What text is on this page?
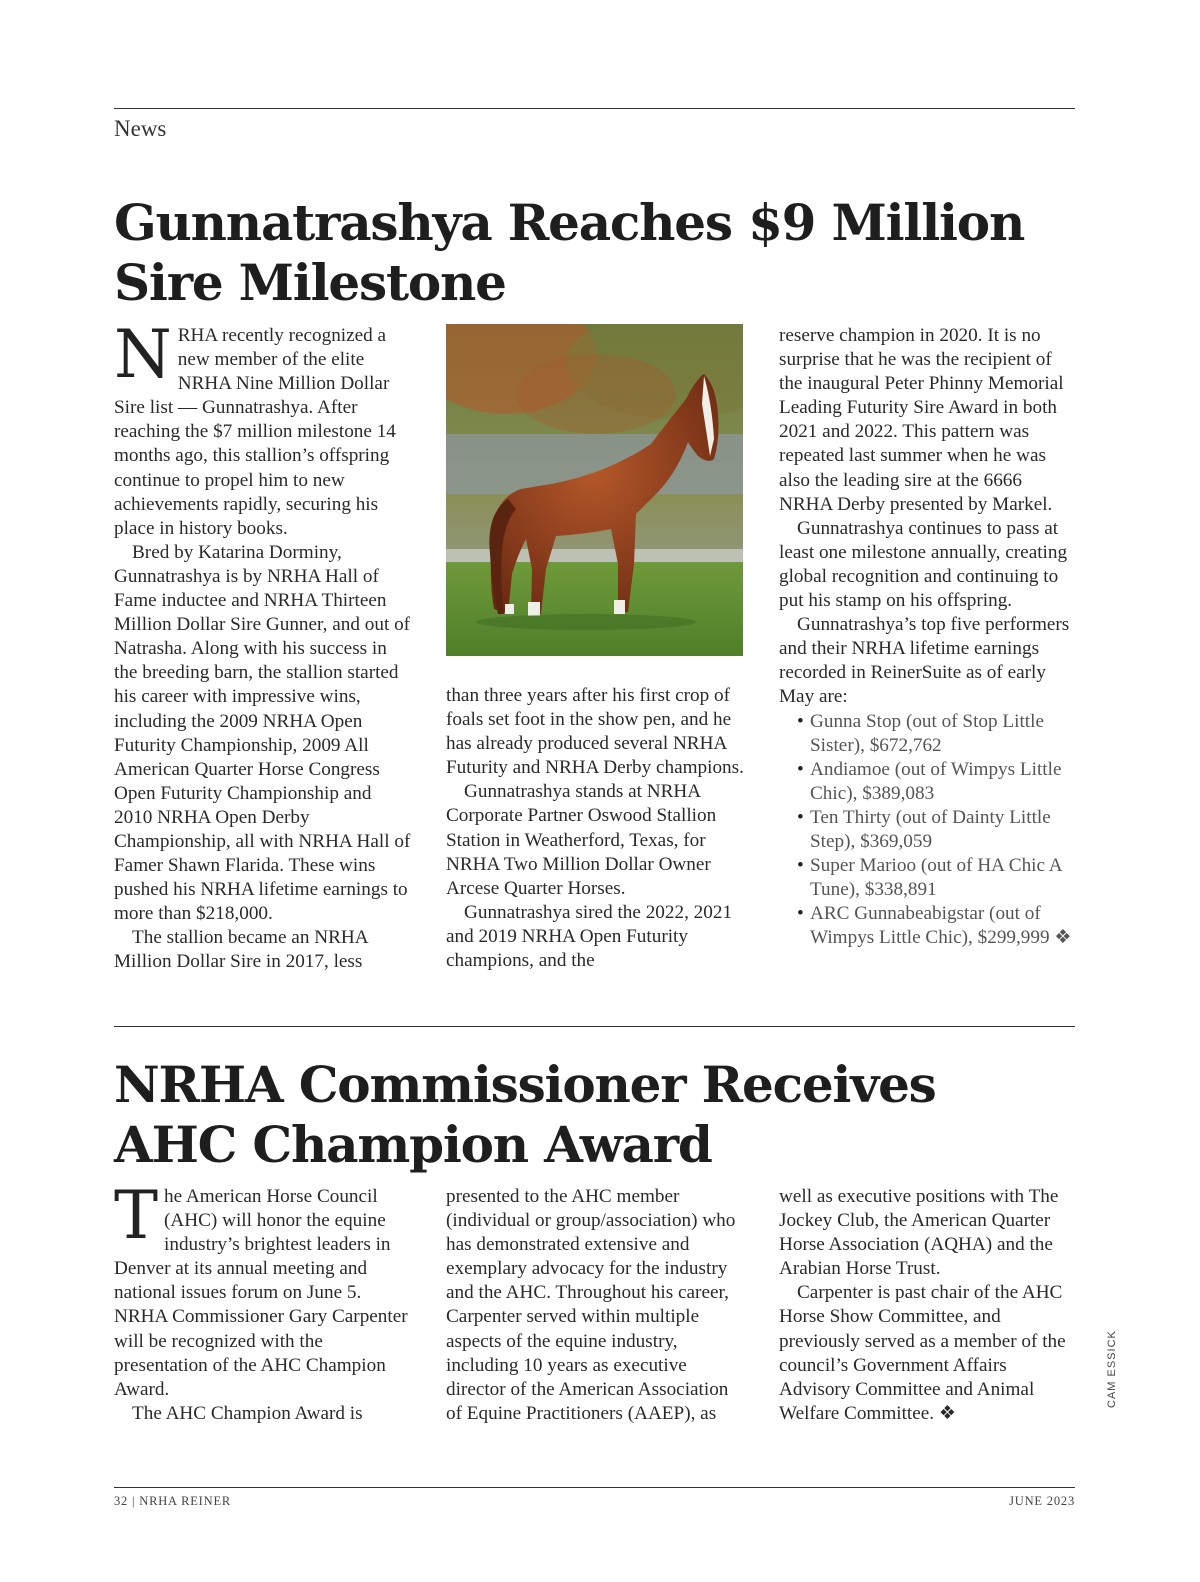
News
Gunnatrashya Reaches $9 Million
Sire Milestone

NRHA recently recognized a new member of the elite NRHA Nine Million Dollar Sire list — Gunnatrashya. After reaching the $7 million milestone 14 months ago, this stallion’s offspring continue to propel him to new achievements rapidly, securing his place in history books.

Bred by Katarina Dorminy, Gunnatrashya is by NRHA Hall of Fame inductee and NRHA Thirteen Million Dollar Sire Gunner, and out of Natrasha. Along with his success in the breeding barn, the stallion started his career with impressive wins, including the 2009 NRHA Open Futurity Championship, 2009 All American Quarter Horse Congress Open Futurity Championship and 2010 NRHA Open Derby Championship, all with NRHA Hall of Famer Shawn Flarida. These wins pushed his NRHA lifetime earnings to more than $218,000.

The stallion became an NRHA Million Dollar Sire in 2017, less

than three years after his first crop of foals set foot in the show pen, and he has already produced several NRHA Futurity and NRHA Derby champions.

Gunnatrashya stands at NRHA Corporate Partner Oswood Stallion Station in Weatherford, Texas, for NRHA Two Million Dollar Owner Arcese Quarter Horses.

Gunnatrashya sired the 2022, 2021 and 2019 NRHA Open Futurity champions, and the

reserve champion in 2020. It is no surprise that he was the recipient of the inaugural Peter Phinny Memorial Leading Futurity Sire Award in both 2021 and 2022. This pattern was repeated last summer when he was also the leading sire at the 6666 NRHA Derby presented by Markel.

Gunnatrashya continues to pass at least one milestone annually, creating global recognition and continuing to put his stamp on his offspring.

Gunnatrashya’s top five performers and their NRHA lifetime earnings recorded in ReinerSuite as of early May are:

• Gunna Stop (out of Stop Little Sister), $672,762
• Andiamoe (out of Wimpys Little Chic), $389,083
• Ten Thirty (out of Dainty Little Step), $369,059
• Super Marioo (out of HA Chic A Tune), $338,891
• ARC Gunnabeabigstar (out of Wimpys Little Chic), $299,999 ❖
NRHA Commissioner Receives
AHC Champion Award

The American Horse Council (AHC) will honor the equine industry’s brightest leaders in Denver at its annual meeting and national issues forum on June 5. NRHA Commissioner Gary Carpenter will be recognized with the presentation of the AHC Champion Award.

The AHC Champion Award is

presented to the AHC member (individual or group/association) who has demonstrated extensive and exemplary advocacy for the industry and the AHC. Throughout his career, Carpenter served within multiple aspects of the equine industry, including 10 years as executive director of the American Association of Equine Practitioners (AAEP), as

well as executive positions with The Jockey Club, the American Quarter Horse Association (AQHA) and the Arabian Horse Trust.

Carpenter is past chair of the AHC Horse Show Committee, and previously served as a member of the council’s Government Affairs Advisory Committee and Animal Welfare Committee. ❖

CAM ESSICK
32 | NRHA REINER	JUNE 2023
